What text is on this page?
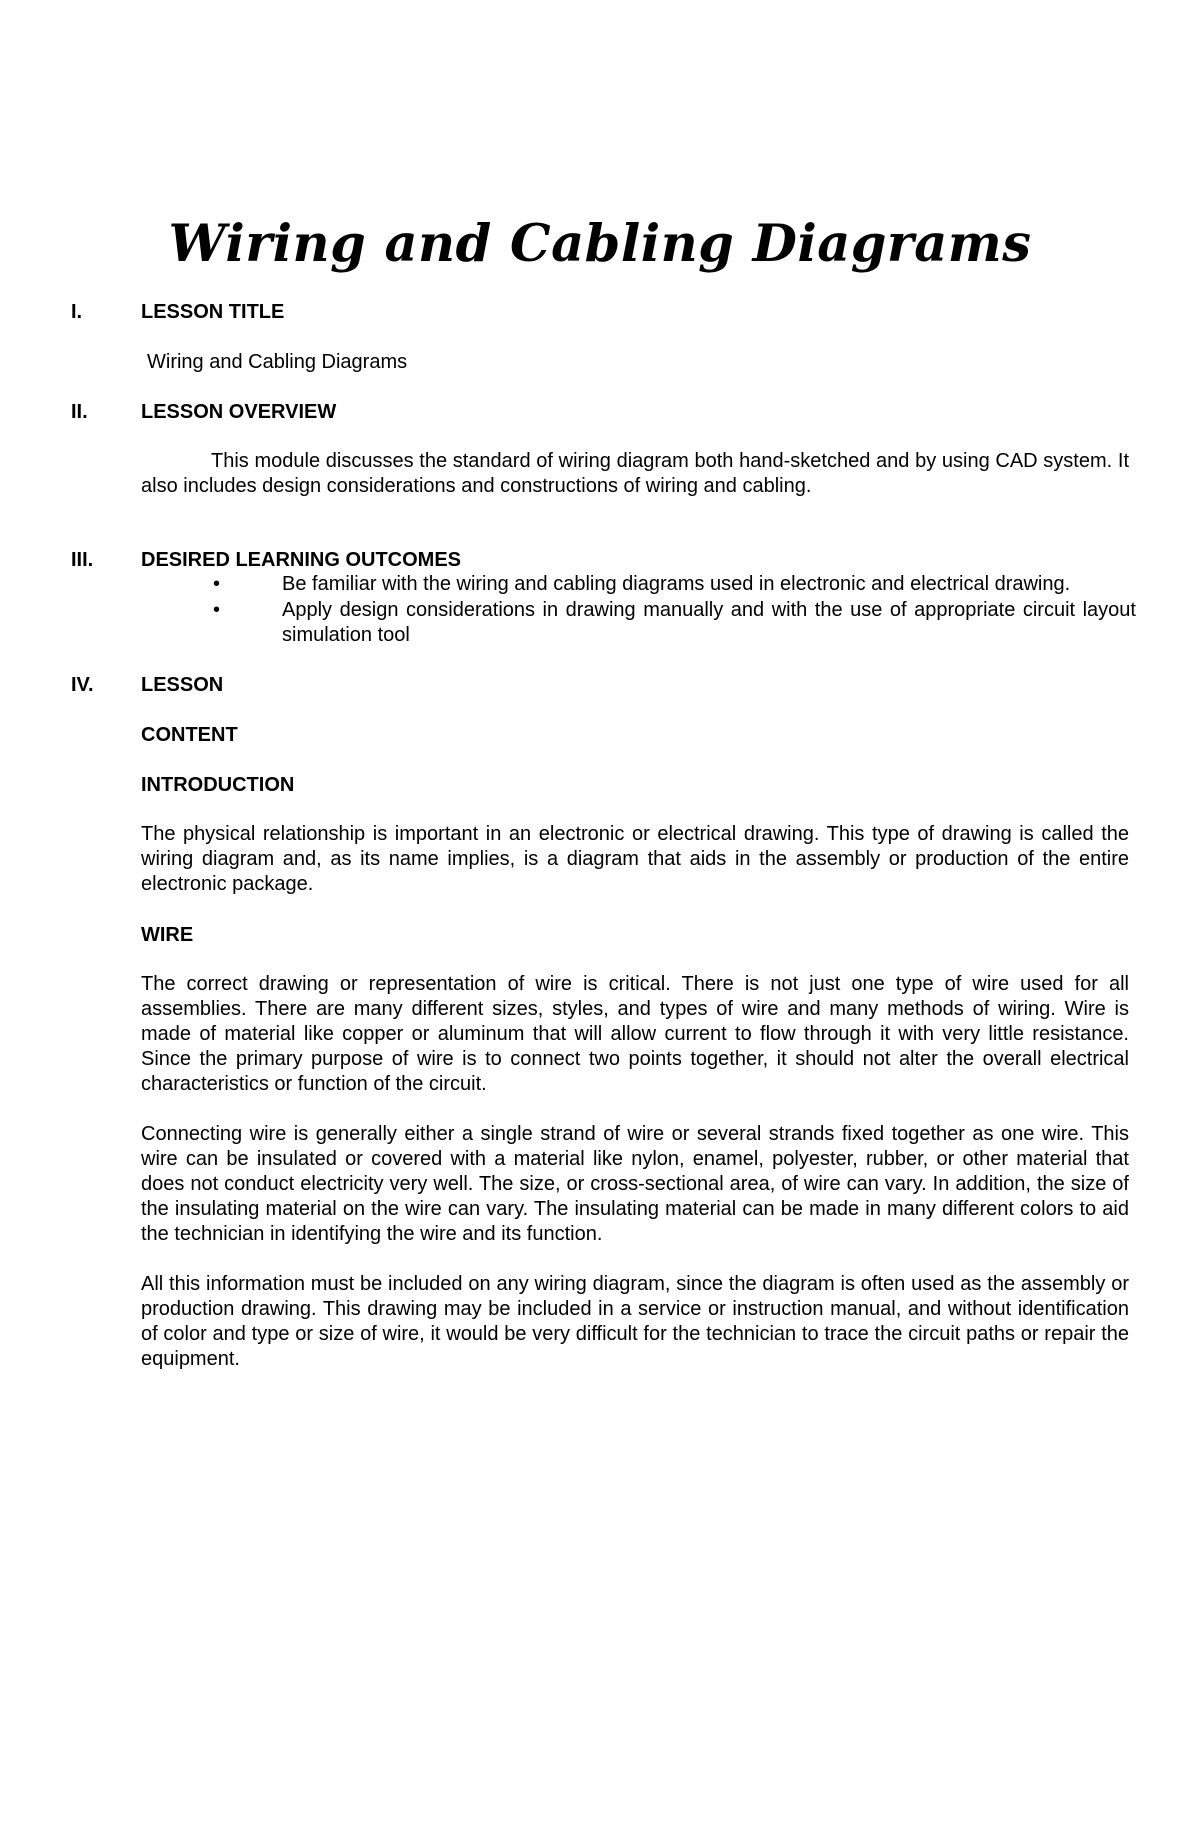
Wiring and Cabling Diagrams
I.	LESSON TITLE
Wiring and Cabling Diagrams
II.	LESSON OVERVIEW
This module discusses the standard of wiring diagram both hand-sketched and by using CAD system. It also includes design considerations and constructions of wiring and cabling.
III. DESIRED LEARNING OUTCOMES
•	Be familiar with the wiring and cabling diagrams used in electronic and electrical drawing.
•	Apply design considerations in drawing manually and with the use of appropriate circuit layout simulation tool
IV. LESSON
CONTENT
INTRODUCTION
The physical relationship is important in an electronic or electrical drawing. This type of drawing is called the wiring diagram and, as its name implies, is a diagram that aids in the assembly or production of the entire electronic package.
WIRE
The correct drawing or representation of wire is critical. There is not just one type of wire used for all assemblies. There are many different sizes, styles, and types of wire and many methods of wiring. Wire is made of material like copper or aluminum that will allow current to flow through it with very little resistance. Since the primary purpose of wire is to connect two points together, it should not alter the overall electrical characteristics or function of the circuit.
Connecting wire is generally either a single strand of wire or several strands fixed together as one wire. This wire can be insulated or covered with a material like nylon, enamel, polyester, rubber, or other material that does not conduct electricity very well. The size, or cross-sectional area, of wire can vary. In addition, the size of the insulating material on the wire can vary. The insulating material can be made in many different colors to aid the technician in identifying the wire and its function.
All this information must be included on any wiring diagram, since the diagram is often used as the assembly or production drawing. This drawing may be included in a service or instruction manual, and without identification of color and type or size of wire, it would be very difficult for the technician to trace the circuit paths or repair the equipment.
